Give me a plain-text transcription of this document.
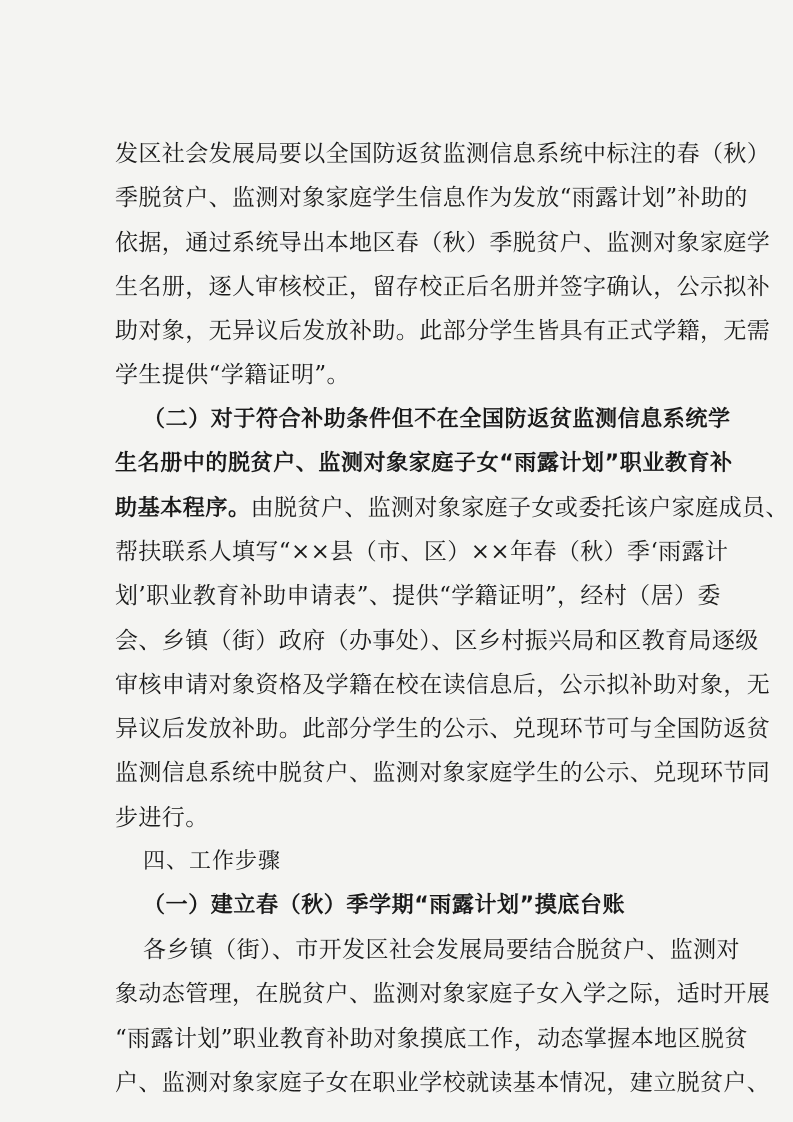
发区社会发展局要以全国防返贫监测信息系统中标注的春（秋）
季脱贫户、监测对象家庭学生信息作为发放“雨露计划”补助的
依据，通过系统导出本地区春（秋）季脱贫户、监测对象家庭学
生名册，逐人审核校正，留存校正后名册并签字确认，公示拟补
助对象，无异议后发放补助。此部分学生皆具有正式学籍，无需
学生提供“学籍证明”。
（二）对于符合补助条件但不在全国防返贫监测信息系统学
生名册中的脱贫户、监测对象家庭子女“雨露计划”职业教育补
助基本程序。由脱贫户、监测对象家庭子女或委托该户家庭成员、
帮扶联系人填写“××县（市、区）××年春（秋）季‘雨露计
划’职业教育补助申请表”、提供“学籍证明”，经村（居）委
会、乡镇（街）政府（办事处）、区乡村振兴局和区教育局逐级
审核申请对象资格及学籍在校在读信息后，公示拟补助对象，无
异议后发放补助。此部分学生的公示、兑现环节可与全国防返贫
监测信息系统中脱贫户、监测对象家庭学生的公示、兑现环节同
步进行。
四、工作步骤
（一）建立春（秋）季学期“雨露计划”摸底台账
各乡镇（街）、市开发区社会发展局要结合脱贫户、监测对
象动态管理，在脱贫户、监测对象家庭子女入学之际，适时开展
“雨露计划”职业教育补助对象摸底工作，动态掌握本地区脱贫
户、监测对象家庭子女在职业学校就读基本情况，建立脱贫户、
